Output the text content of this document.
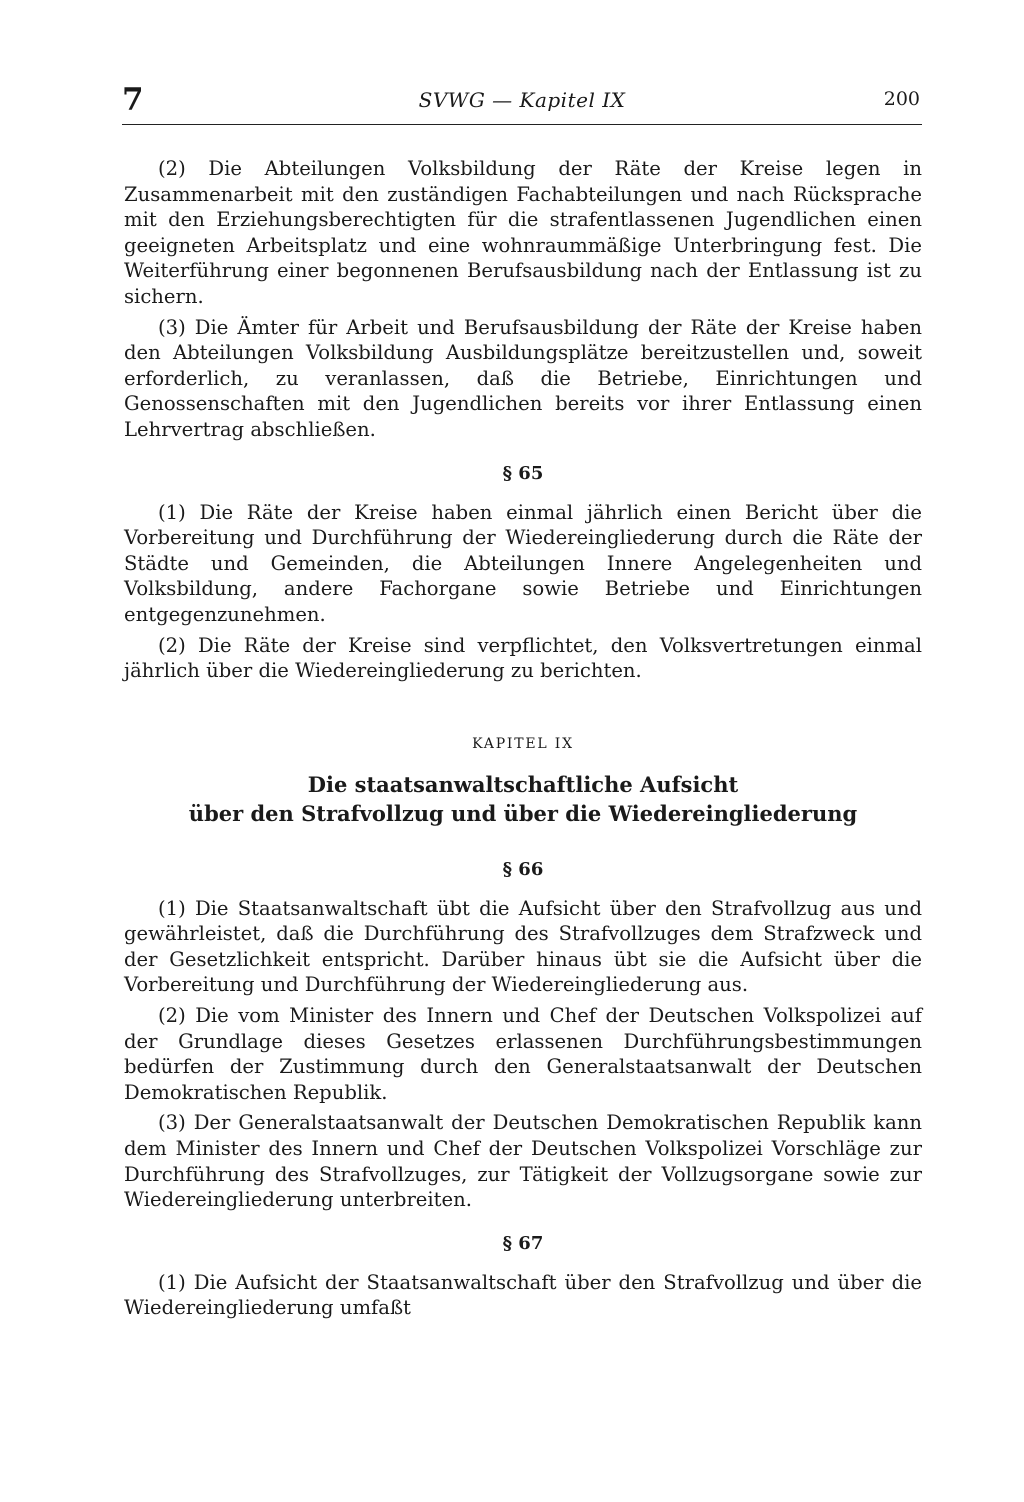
7	SVWG — Kapitel IX	200

(2) Die Abteilungen Volksbildung der Räte der Kreise legen in Zusammenarbeit mit den zuständigen Fachabteilungen und nach Rücksprache mit den Erziehungsberechtigten für die strafentlassenen Jugendlichen einen geeigneten Arbeitsplatz und eine wohnraummäßige Unterbringung fest. Die Weiterführung einer begonnenen Berufsausbildung nach der Entlassung ist zu sichern.

(3) Die Ämter für Arbeit und Berufsausbildung der Räte der Kreise haben den Abteilungen Volksbildung Ausbildungsplätze bereitzustellen und, soweit erforderlich, zu veranlassen, daß die Betriebe, Einrichtungen und Genossenschaften mit den Jugendlichen bereits vor ihrer Entlassung einen Lehrvertrag abschließen.

§ 65

(1) Die Räte der Kreise haben einmal jährlich einen Bericht über die Vorbereitung und Durchführung der Wiedereingliederung durch die Räte der Städte und Gemeinden, die Abteilungen Innere Angelegenheiten und Volksbildung, andere Fachorgane sowie Betriebe und Einrichtungen entgegenzunehmen.

(2) Die Räte der Kreise sind verpflichtet, den Volksvertretungen einmal jährlich über die Wiedereingliederung zu berichten.

KAPITEL IX
Die staatsanwaltschaftliche Aufsicht
über den Strafvollzug und über die Wiedereingliederung
§ 66

(1) Die Staatsanwaltschaft übt die Aufsicht über den Strafvollzug aus und gewährleistet, daß die Durchführung des Strafvollzuges dem Strafzweck und der Gesetzlichkeit entspricht. Darüber hinaus übt sie die Aufsicht über die Vorbereitung und Durchführung der Wiedereingliederung aus.

(2) Die vom Minister des Innern und Chef der Deutschen Volkspolizei auf der Grundlage dieses Gesetzes erlassenen Durchführungsbestimmungen bedürfen der Zustimmung durch den Generalstaatsanwalt der Deutschen Demokratischen Republik.

(3) Der Generalstaatsanwalt der Deutschen Demokratischen Republik kann dem Minister des Innern und Chef der Deutschen Volkspolizei Vorschläge zur Durchführung des Strafvollzuges, zur Tätigkeit der Vollzugsorgane sowie zur Wiedereingliederung unterbreiten.

§ 67

(1) Die Aufsicht der Staatsanwaltschaft über den Strafvollzug und über die Wiedereingliederung umfaßt
